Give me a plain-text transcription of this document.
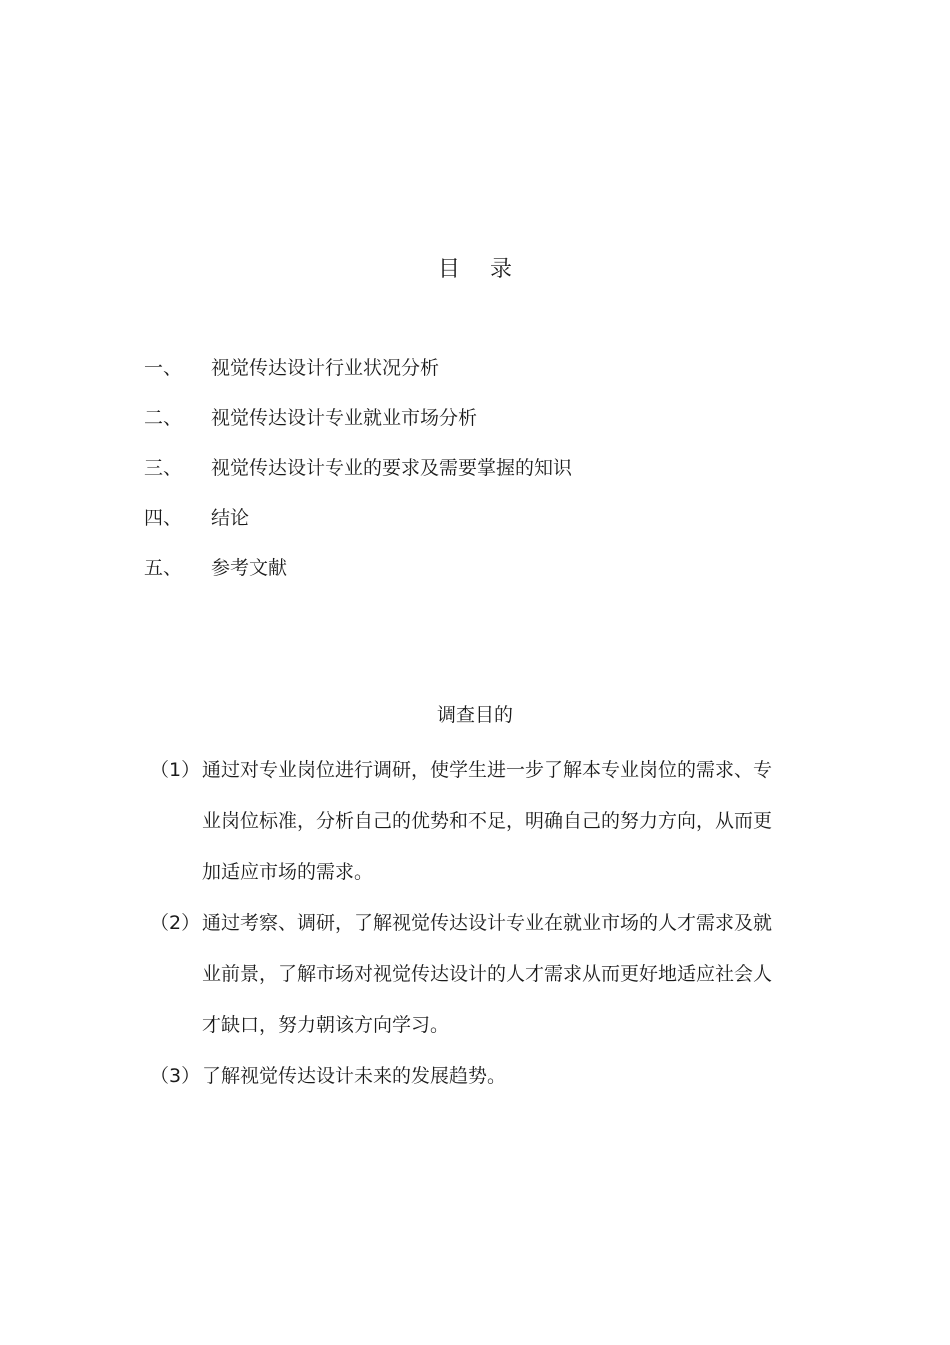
目录
一、 视觉传达设计行业状况分析
二、 视觉传达设计专业就业市场分析
三、 视觉传达设计专业的要求及需要掌握的知识
四、 结论
五、 参考文献
调查目的
（1） 通过对专业岗位进行调研，使学生进一步了解本专业岗位的需求、专业岗位标准，分析自己的优势和不足，明确自己的努力方向，从而更加适应市场的需求。
（2） 通过考察、调研，了解视觉传达设计专业在就业市场的人才需求及就业前景，了解市场对视觉传达设计的人才需求从而更好地适应社会人才缺口，努力朝该方向学习。
（3） 了解视觉传达设计未来的发展趋势。
